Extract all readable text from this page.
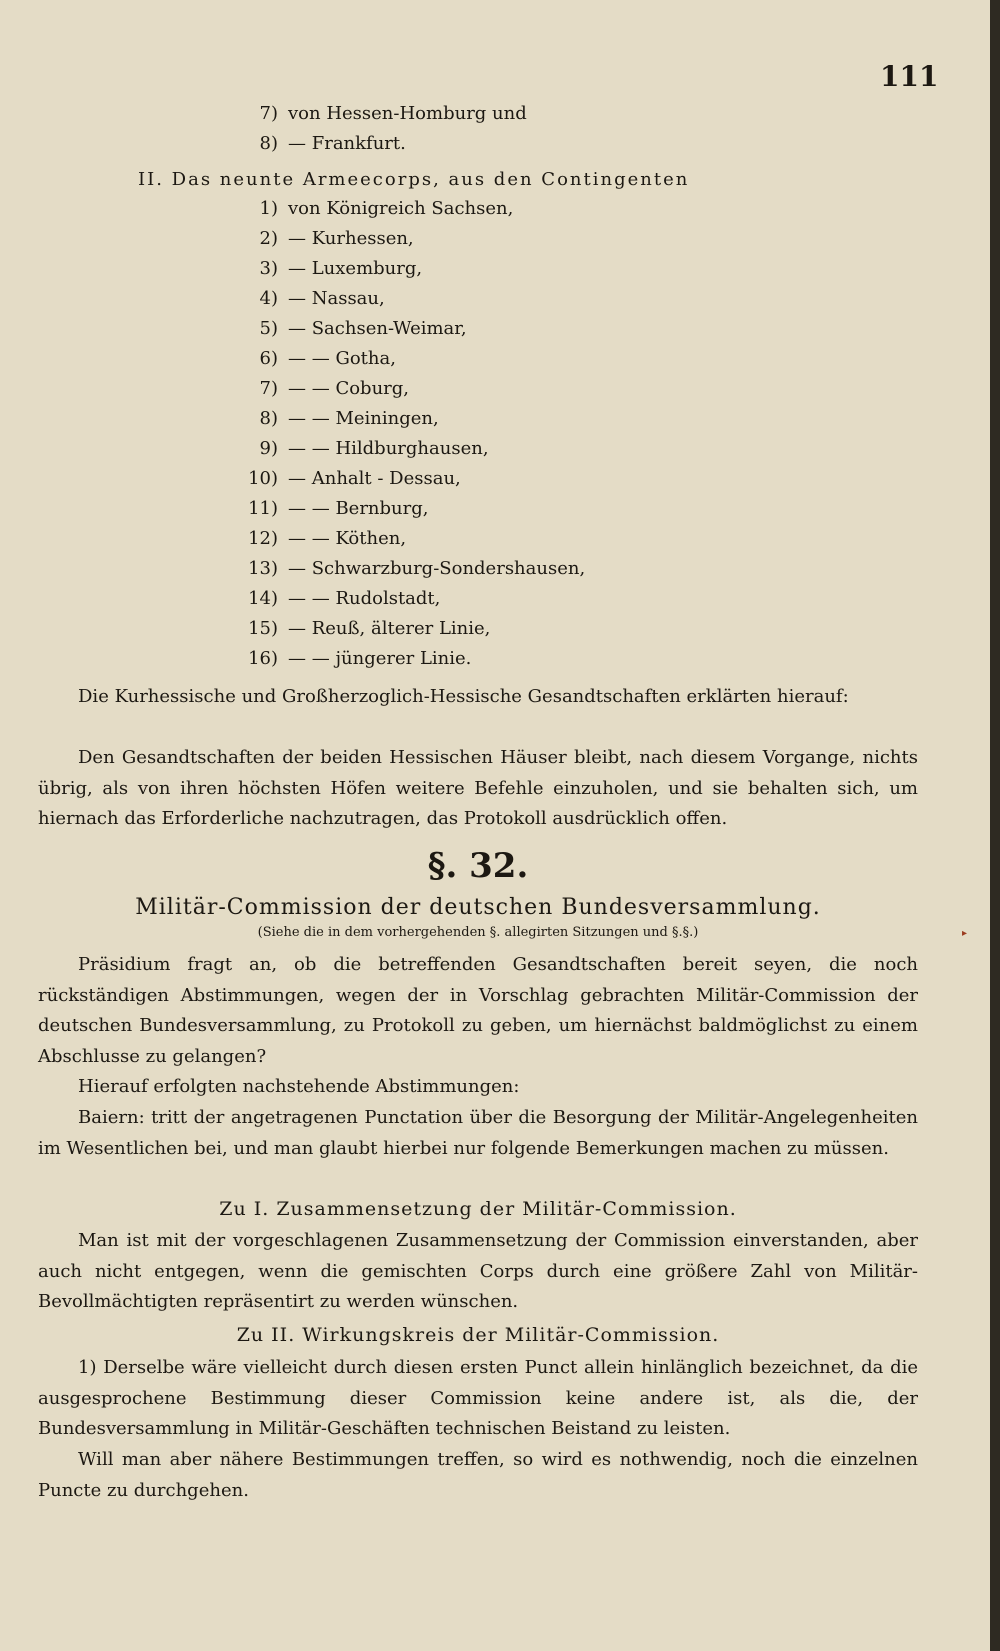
111
7) von Hessen-Homburg und
8) — Frankfurt.
II. Das neunte Armeecorps, aus den Contingenten
1) von Königreich Sachsen,
2) — Kurhessen,
3) — Luxemburg,
4) — Nassau,
5) — Sachsen-Weimar,
6) — — Gotha,
7) — — Coburg,
8) — — Meiningen,
9) — — Hildburghausen,
10) — Anhalt - Dessau,
11) — — Bernburg,
12) — — Köthen,
13) — Schwarzburg-Sondershausen,
14) — — Rudolstadt,
15) — Reuß, älterer Linie,
16) — — jüngerer Linie.
Die Kurhessische und Großherzoglich-Hessische Gesandtschaften erklärten hierauf:
Den Gesandtschaften der beiden Hessischen Häuser bleibt, nach diesem Vorgange, nichts übrig, als von ihren höchsten Höfen weitere Befehle einzuholen, und sie behalten sich, um hiernach das Erforderliche nachzutragen, das Protokoll ausdrücklich offen.
§. 32.
Militär-Commission der deutschen Bundesversammlung.
(Siehe die in dem vorhergehenden §. allegirten Sitzungen und §.§.)
Präsidium fragt an, ob die betreffenden Gesandtschaften bereit seyen, die noch rückständigen Abstimmungen, wegen der in Vorschlag gebrachten Militär-Commission der deutschen Bundesversammlung, zu Protokoll zu geben, um hiernächst baldmöglichst zu einem Abschlusse zu gelangen?
Hierauf erfolgten nachstehende Abstimmungen:
Baiern: tritt der angetragenen Punctation über die Besorgung der Militär-Angelegenheiten im Wesentlichen bei, und man glaubt hierbei nur folgende Bemerkungen machen zu müssen.
Zu I. Zusammensetzung der Militär-Commission.
Man ist mit der vorgeschlagenen Zusammensetzung der Commission einverstanden, aber auch nicht entgegen, wenn die gemischten Corps durch eine größere Zahl von Militär-Bevollmächtigten repräsentirt zu werden wünschen.
Zu II. Wirkungskreis der Militär-Commission.
1) Derselbe wäre vielleicht durch diesen ersten Punct allein hinlänglich bezeichnet, da die ausgesprochene Bestimmung dieser Commission keine andere ist, als die, der Bundesversammlung in Militär-Geschäften technischen Beistand zu leisten.
Will man aber nähere Bestimmungen treffen, so wird es nothwendig, noch die einzelnen Puncte zu durchgehen.
▸
